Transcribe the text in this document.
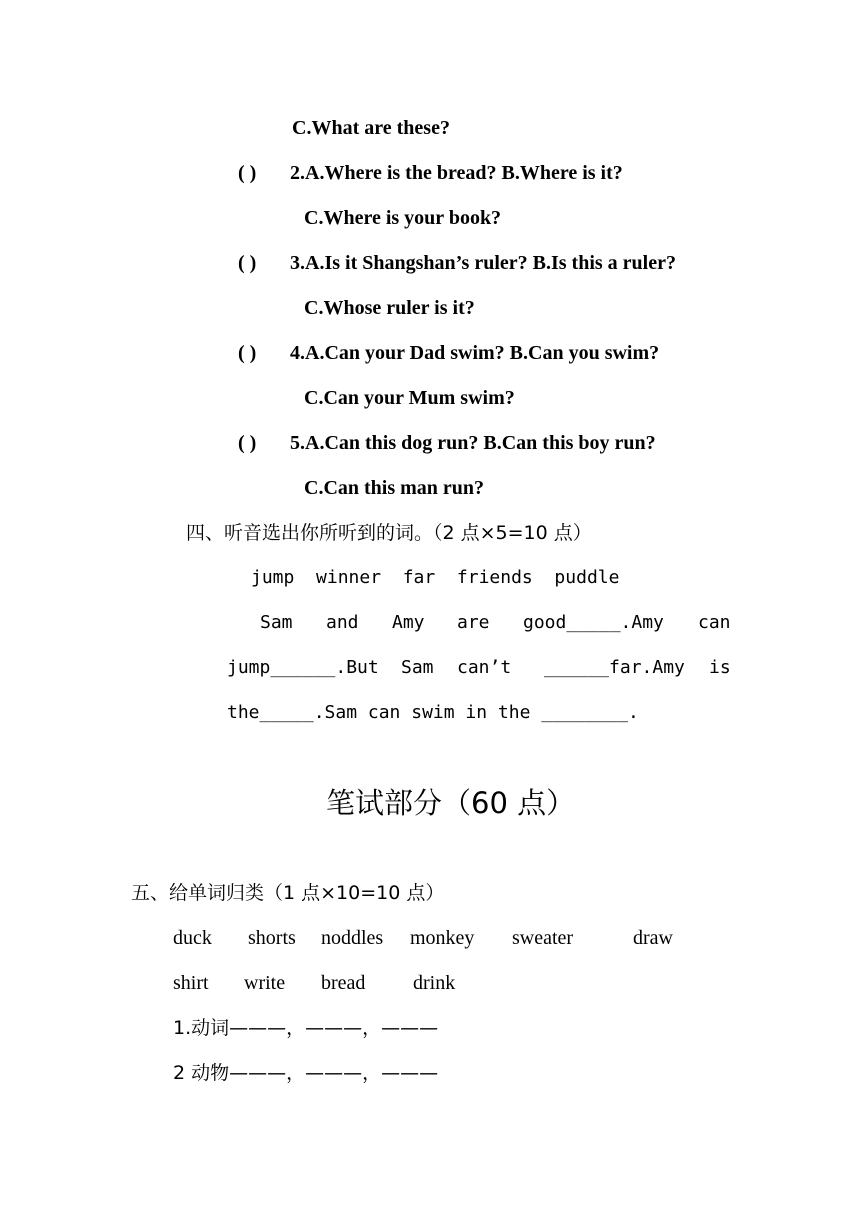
C.What are these?
( ) 2.A.Where is the bread? B.Where is it?
C.Where is your book?
( ) 3.A.Is it Shangshan’s ruler? B.Is this a ruler?
C.Whose ruler is it?
( ) 4.A.Can your Dad swim? B.Can you swim?
C.Can your Mum swim?
( ) 5.A.Can this dog run? B.Can this boy run?
C.Can this man run?
四、听音选出你所听到的词。（2 点×5=10 点）
jump  winner  far  friends  puddle
Sam and Amy are good_____.Amy can
jump______.But Sam can’t ______far.Amy is
the_____.Sam can swim in the ________.
笔试部分（60 点）
五、给单词归类（1 点×10=10 点）
duck shorts noddles monkey sweater	draw
shirt write bread drink
1.动词———，———，———
2 动物———，———，———
